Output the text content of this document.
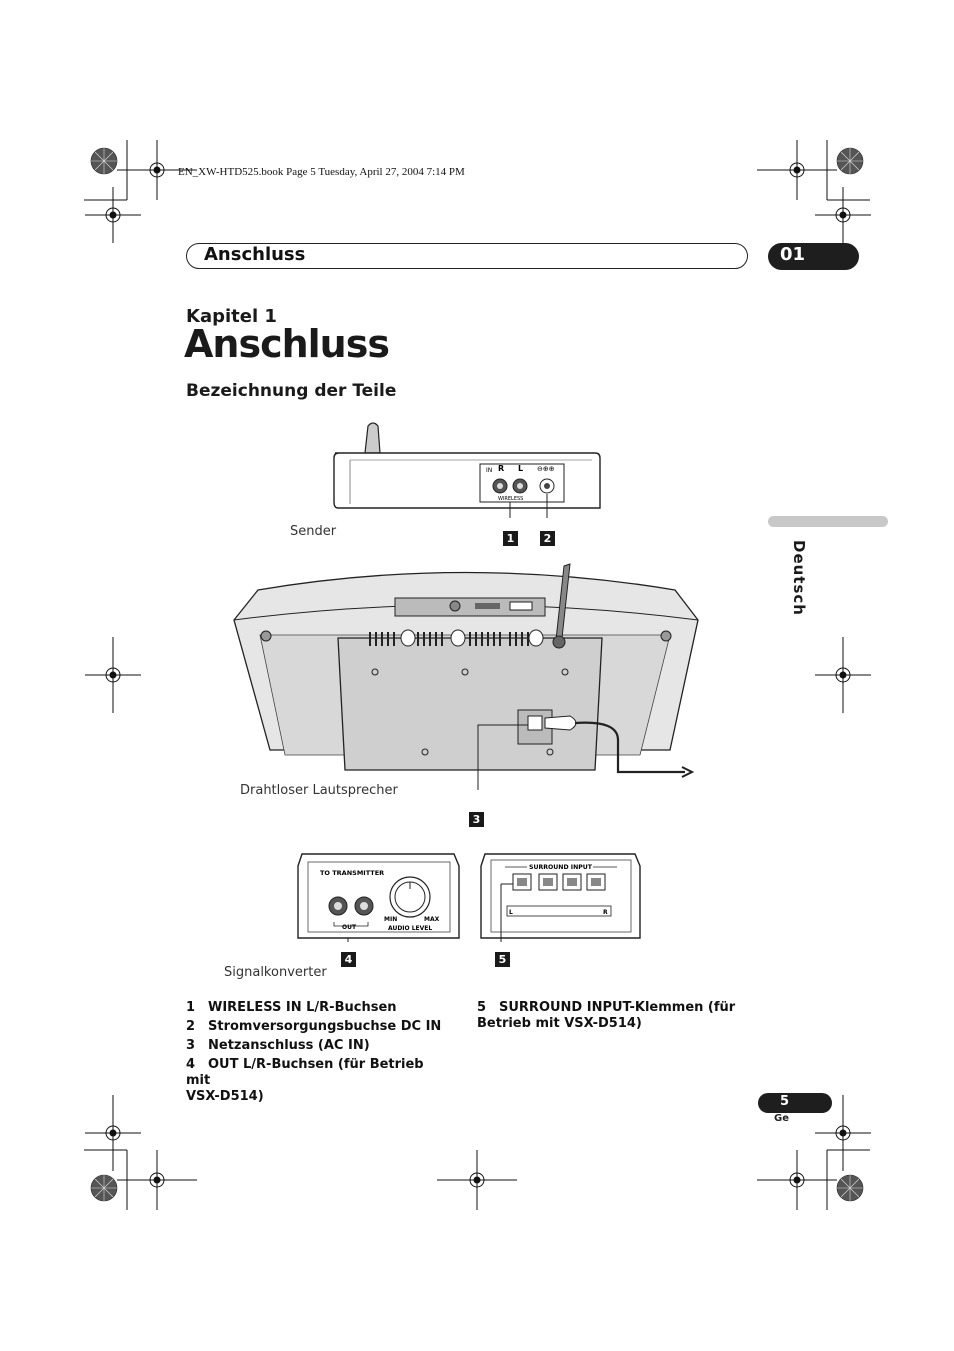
EN_XW-HTD525.book Page 5 Tuesday, April 27, 2004 7:14 PM
Anschluss	01
Kapitel 1
Anschluss
Bezeichnung der Teile
Deutsch
IN R L ⊖⊕⊕
WIRELESS
Sender	1	2
Drahtloser Lautsprecher
3
TO TRANSMITTER
MIN	MAX
OUT	AUDIO LEVEL
SURROUND INPUT
L	R
Signalkonverter
4	5
1 WIRELESS IN L/R-Buchsen
2 Stromversorgungsbuchse DC IN
3 Netzanschluss (AC IN)
4 OUT L/R-Buchsen (für Betrieb mit
VSX-D514)
5 SURROUND INPUT-Klemmen (für
Betrieb mit VSX-D514)
5
Ge
